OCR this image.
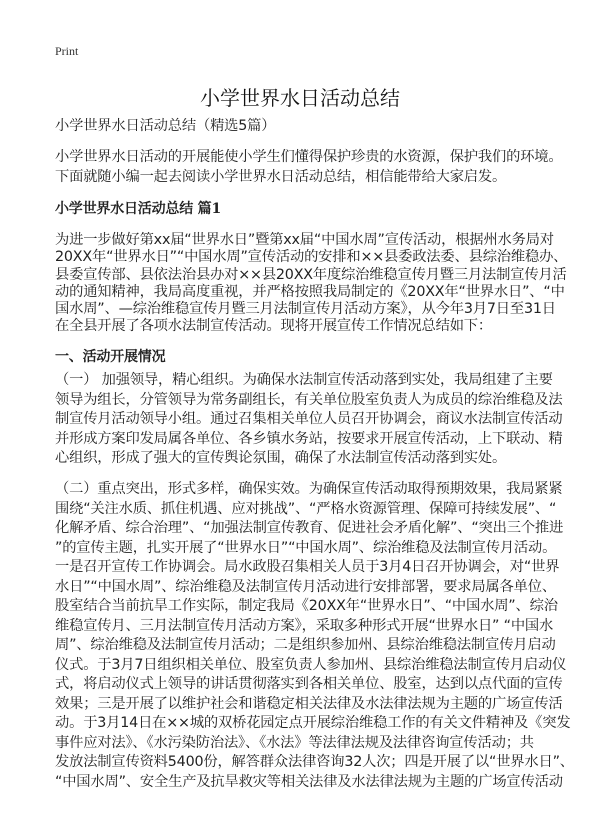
Print
小学世界水日活动总结
小学世界水日活动总结（精选5篇）
小学世界水日活动的开展能使小学生们懂得保护珍贵的水资源，保护我们的环境。
下面就随小编一起去阅读小学世界水日活动总结，相信能带给大家启发。
小学世界水日活动总结 篇1
为进一步做好第xx届“世界水日”暨第xx届“中国水周”宣传活动，根据州水务局对
20XX年“世界水日”“中国水周”宣传活动的安排和××县委政法委、县综治维稳办、
县委宣传部、县依法治县办对××县20XX年度综治维稳宣传月暨三月法制宣传月活
动的通知精神，我局高度重视，并严格按照我局制定的《20XX年“世界水日”、“中
国水周”、—综治维稳宣传月暨三月法制宣传月活动方案》，从今年3月7日至31日
在全县开展了各项水法制宣传活动。现将开展宣传工作情况总结如下：
一、活动开展情况
（一） 加强领导，精心组织。为确保水法制宣传活动落到实处，我局组建了主要
领导为组长，分管领导为常务副组长，有关单位股室负责人为成员的综治维稳及法
制宣传月活动领导小组。通过召集相关单位人员召开协调会，商议水法制宣传活动
并形成方案印发局属各单位、各乡镇水务站，按要求开展宣传活动，上下联动、精
心组织，形成了强大的宣传舆论氛围，确保了水法制宣传活动落到实处。
（二）重点突出，形式多样，确保实效。为确保宣传活动取得预期效果，我局紧紧
围绕“关注水质、抓住机遇、应对挑战”、“严格水资源管理、保障可持续发展”、“
化解矛盾、综合治理”、“加强法制宣传教育、促进社会矛盾化解”、“突出三个推进
”的宣传主题，扎实开展了“世界水日”“中国水周”、综治维稳及法制宣传月活动。
一是召开宣传工作协调会。局水政股召集相关人员于3月4日召开协调会，对“世界
水日”“中国水周”、综治维稳及法制宣传月活动进行安排部署，要求局属各单位、
股室结合当前抗旱工作实际，制定我局《20XX年“世界水日”、“中国水周”、综治
维稳宣传月、三月法制宣传月活动方案》，采取多种形式开展“世界水日” “中国水
周”、综治维稳及法制宣传月活动；二是组织参加州、县综治维稳法制宣传月启动
仪式。于3月7日组织相关单位、股室负责人参加州、县综治维稳法制宣传月启动仪
式，将启动仪式上领导的讲话贯彻落实到各相关单位、股室，达到以点代面的宣传
效果；三是开展了以维护社会和谐稳定相关法律及水法律法规为主题的广场宣传活
动。于3月14日在××城的双桥花园定点开展综治维稳工作的有关文件精神及《突发
事件应对法》、《水污染防治法》、《水法》等法律法规及法律咨询宣传活动；共
发放法制宣传资料5400份，解答群众法律咨询32人次；四是开展了以“世界水日”、
“中国水周”、安全生产及抗旱救灾等相关法律及水法律法规为主题的广场宣传活动
